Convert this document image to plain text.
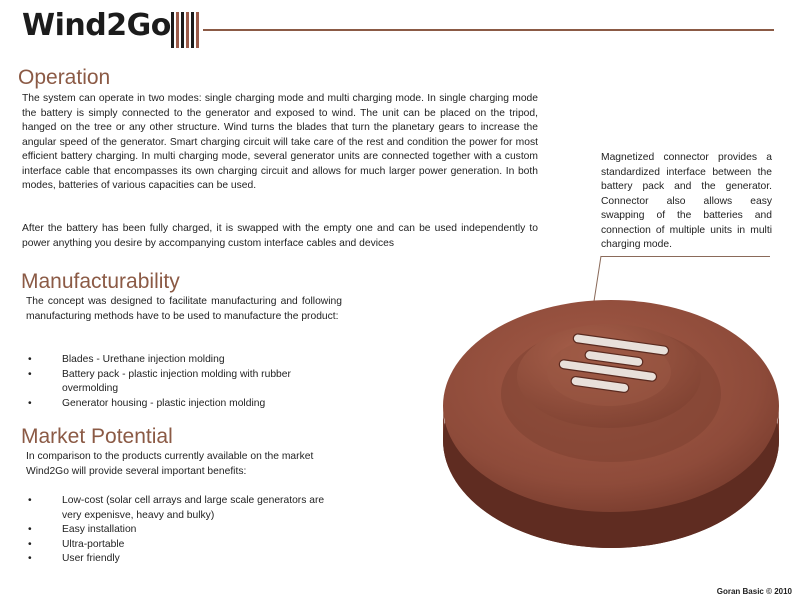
Wind2Go
Operation

The system can operate in two modes: single charging mode and multi charging mode. In single charging mode the battery is simply connected to the generator and exposed to wind. The unit can be placed on the tripod, hanged on the tree or any other structure. Wind turns the blades that turn the planetary gears to increase the angular speed of the generator. Smart charging circuit will take care of the rest and condition the power for most efficient battery charging. In multi charging mode, several generator units are connected together with a custom interface cable that encompasses its own charging circuit and allows for much larger power generation. In both modes, batteries of various capacities can be used.

After the battery has been fully charged, it is swapped with the empty one and can be used independently to power anything you desire by accompanying custom interface cables and devices

Manufacturability

The concept was designed to facilitate manufacturing and following manufacturing methods have to be used to manufacture the product:

• Blades - Urethane injection molding
• Battery pack - plastic injection molding with rubber overmolding
• Generator housing - plastic injection molding
Market Potential

In comparison to the products currently available on the market Wind2Go will provide several important benefits:

• Low-cost (solar cell arrays and large scale generators are very expenisve, heavy and bulky)
• Easy installation
• Ultra-portable
• User friendly

Magnetized connector provides a standardized interface between the battery pack and the generator. Connector also allows easy swapping of the batteries and connection of multiple units in multi charging mode.

Goran Basic © 2010
